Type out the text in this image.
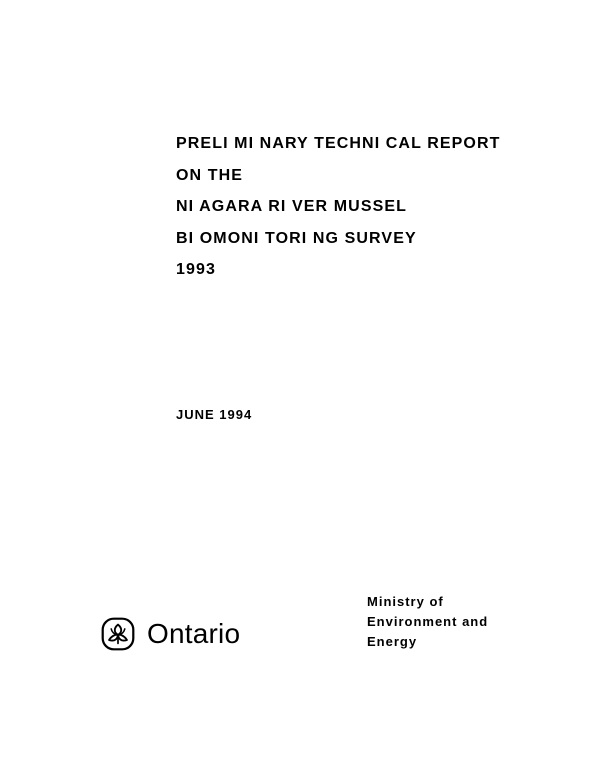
PRELI MI NARY TECHNI CAL REPORT
ON THE
NI AGARA RI VER MUSSEL
BI OMONI TORI NG SURVEY
1993
JUNE 1994
Ontario
Ministry of
Environment and
Energy
